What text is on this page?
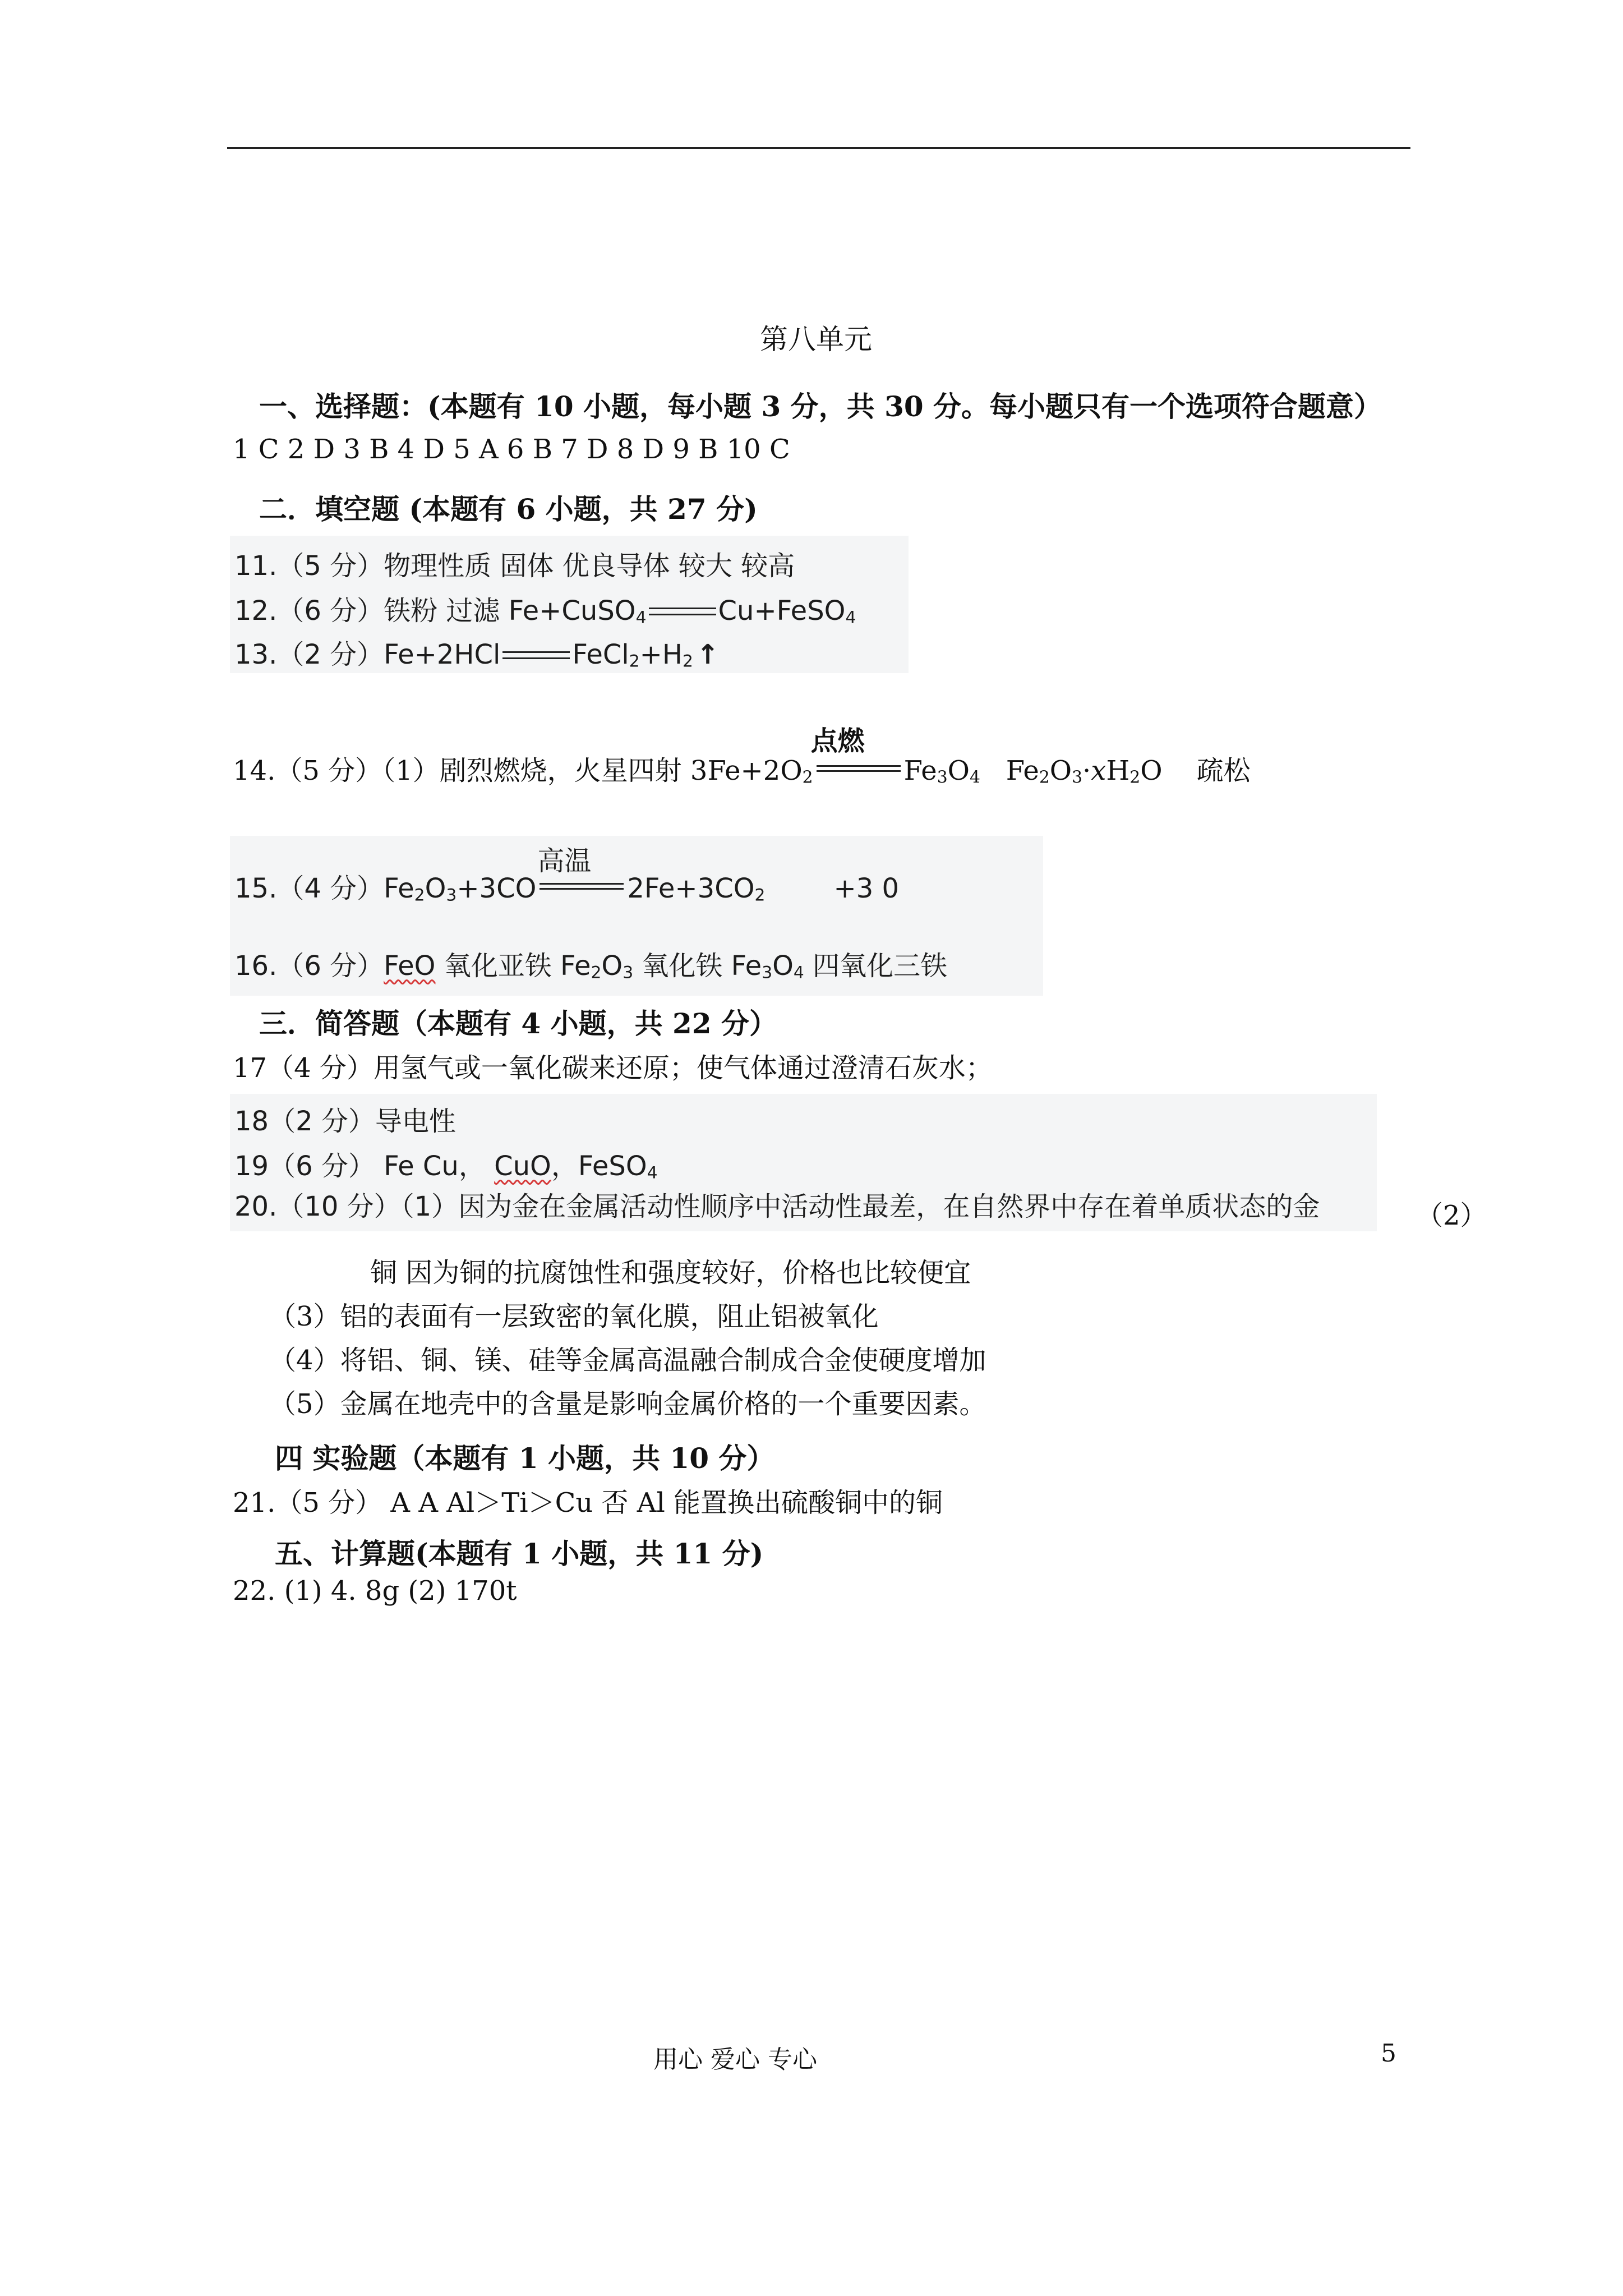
第八单元
一、选择题：(本题有 10 小题，每小题 3 分，共 30 分。每小题只有一个选项符合题意）
1 C 2 D 3 B 4 D 5 A 6 B 7 D 8 D 9 B 10 C
二．填空题 (本题有 6 小题，共 27 分)
11.（5 分）物理性质 固体 优良导体 较大 较高
12.（6 分）铁粉 过滤 Fe+CuSO4	Cu+FeSO4
13.（2 分）Fe+2HCl	FeCl2+H2 ↑
14.（5 分）（1）剧烈燃烧，火星四射 3Fe+2O2
点燃
Fe3O4 Fe2O3·xH2O 疏松
15.（4 分）Fe2O3+3CO
高温
2Fe+3CO2	+3 0
16.（6 分）FeO 氧化亚铁 Fe2O3 氧化铁 Fe3O4 四氧化三铁
三．简答题（本题有 4 小题，共 22 分）
17（4 分）用氢气或一氧化碳来还原；使气体通过澄清石灰水；
18（2 分）导电性
19（6 分） Fe Cu， CuO，FeSO4
20.（10 分）（1）因为金在金属活动性顺序中活动性最差，在自然界中存在着单质状态的金	（2）
铜 因为铜的抗腐蚀性和强度较好，价格也比较便宜
（3）铝的表面有一层致密的氧化膜，阻止铝被氧化
（4）将铝、铜、镁、硅等金属高温融合制成合金使硬度增加
（5）金属在地壳中的含量是影响金属价格的一个重要因素。
四 实验题（本题有 1 小题，共 10 分）
21.（5 分） A A Al＞Ti＞Cu 否 Al 能置换出硫酸铜中的铜
五、计算题(本题有 1 小题，共 11 分)
22. (1) 4. 8g (2) 170t
用心 爱心 专心	5
